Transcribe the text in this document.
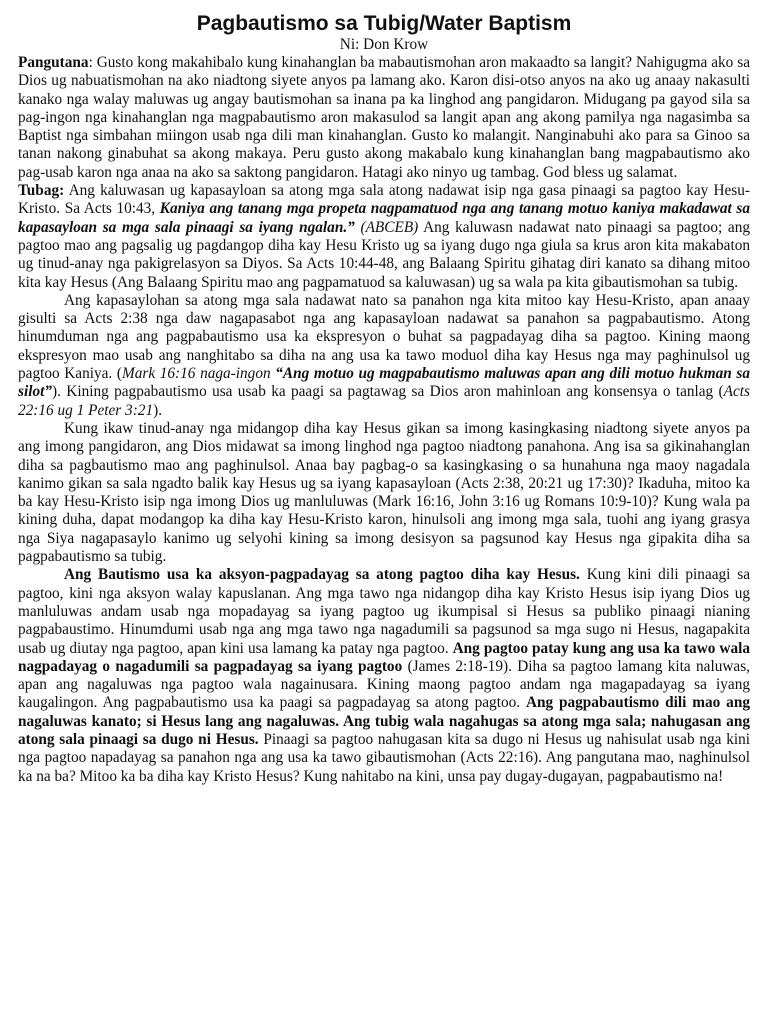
Pagbautismo sa Tubig/Water Baptism
Ni: Don Krow

Pangutana: Gusto kong makahibalo kung kinahanglan ba mabautismohan aron makaadto sa langit? Nahigugma ako sa Dios ug nabuatismohan na ako niadtong siyete anyos pa lamang ako. Karon disi-otso anyos na ako ug anaay nakasulti kanako nga walay maluwas ug angay bautismohan sa inana pa ka linghod ang pangidaron. Midugang pa gayod sila sa pag-ingon nga kinahanglan nga magpabautismo aron makasulod sa langit apan ang akong pamilya nga nagasimba sa Baptist nga simbahan miingon usab nga dili man kinahanglan. Gusto ko malangit. Nanginabuhi ako para sa Ginoo sa tanan nakong ginabuhat sa akong makaya. Peru gusto akong makabalo kung kinahanglan bang magpabautismo ako pag-usab karon nga anaa na ako sa saktong pangidaron. Hatagi ako ninyo ug tambag. God bless ug salamat.

Tubag: Ang kaluwasan ug kapasayloan sa atong mga sala atong nadawat isip nga gasa pinaagi sa pagtoo kay Hesu-Kristo. Sa Acts 10:43, Kaniya ang tanang mga propeta nagpamatuod nga ang tanang motuo kaniya makadawat sa kapasayloan sa mga sala pinaagi sa iyang ngalan.” (ABCEB) Ang kaluwasn nadawat nato pinaagi sa pagtoo; ang pagtoo mao ang pagsalig ug pagdangop diha kay Hesu Kristo ug sa iyang dugo nga giula sa krus aron kita makabaton ug tinud-anay nga pakigrelasyon sa Diyos. Sa Acts 10:44-48, ang Balaang Spiritu gihatag diri kanato sa dihang mitoo kita kay Hesus (Ang Balaang Spiritu mao ang pagpamatuod sa kaluwasan) ug sa wala pa kita gibautismohan sa tubig.

Ang kapasaylohan sa atong mga sala nadawat nato sa panahon nga kita mitoo kay Hesu-Kristo, apan anaay gisulti sa Acts 2:38 nga daw nagapasabot nga ang kapasayloan nadawat sa panahon sa pagpabautismo. Atong hinumduman nga ang pagpabautismo usa ka ekspresyon o buhat sa pagpadayag diha sa pagtoo. Kining maong ekspresyon mao usab ang nanghitabo sa diha na ang usa ka tawo moduol diha kay Hesus nga may paghinulsol ug pagtoo Kaniya. (Mark 16:16 naga-ingon “Ang motuo ug magpabautismo maluwas apan ang dili motuo hukman sa silot”). Kining pagpabautismo usa usab ka paagi sa pagtawag sa Dios aron mahinloan ang konsensya o tanlag (Acts 22:16 ug 1 Peter 3:21).

Kung ikaw tinud-anay nga midangop diha kay Hesus gikan sa imong kasingkasing niadtong siyete anyos pa ang imong pangidaron, ang Dios midawat sa imong linghod nga pagtoo niadtong panahona. Ang isa sa gikinahanglan diha sa pagbautismo mao ang paghinulsol. Anaa bay pagbag-o sa kasingkasing o sa hunahuna nga maoy nagadala kanimo gikan sa sala ngadto balik kay Hesus ug sa iyang kapasayloan (Acts 2:38, 20:21 ug 17:30)? Ikaduha, mitoo ka ba kay Hesu-Kristo isip nga imong Dios ug manluluwas (Mark 16:16, John 3:16 ug Romans 10:9-10)? Kung wala pa kining duha, dapat modangop ka diha kay Hesu-Kristo karon, hinulsoli ang imong mga sala, tuohi ang iyang grasya nga Siya nagapasaylo kanimo ug selyohi kining sa imong desisyon sa pagsunod kay Hesus nga gipakita diha sa pagpabautismo sa tubig.

Ang Bautismo usa ka aksyon-pagpadayag sa atong pagtoo diha kay Hesus. Kung kini dili pinaagi sa pagtoo, kini nga aksyon walay kapuslanan. Ang mga tawo nga nidangop diha kay Kristo Hesus isip iyang Dios ug manluluwas andam usab nga mopadayag sa iyang pagtoo ug ikumpisal si Hesus sa publiko pinaagi nianing pagpabaustimo. Hinumdumi usab nga ang mga tawo nga nagadumili sa pagsunod sa mga sugo ni Hesus, nagapakita usab ug diutay nga pagtoo, apan kini usa lamang ka patay nga pagtoo. Ang pagtoo patay kung ang usa ka tawo wala nagpadayag o nagadumili sa pagpadayag sa iyang pagtoo (James 2:18-19). Diha sa pagtoo lamang kita naluwas, apan ang nagaluwas nga pagtoo wala nagainusara. Kining maong pagtoo andam nga magapadayag sa iyang kaugalingon. Ang pagpabautismo usa ka paagi sa pagpadayag sa atong pagtoo. Ang pagpabautismo dili mao ang nagaluwas kanato; si Hesus lang ang nagaluwas. Ang tubig wala nagahugas sa atong mga sala; nahugasan ang atong sala pinaagi sa dugo ni Hesus. Pinaagi sa pagtoo nahugasan kita sa dugo ni Hesus ug nahisulat usab nga kini nga pagtoo napadayag sa panahon nga ang usa ka tawo gibautismohan (Acts 22:16). Ang pangutana mao, naghinulsol ka na ba? Mitoo ka ba diha kay Kristo Hesus? Kung nahitabo na kini, unsa pay dugay-dugayan, pagpabautismo na!
